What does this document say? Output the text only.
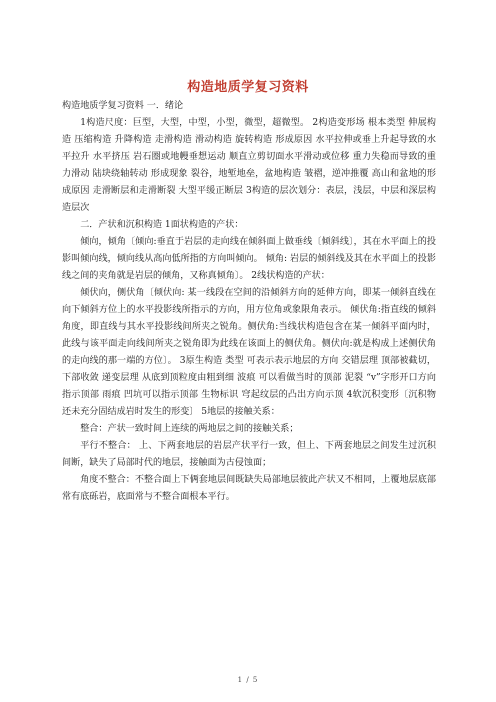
构造地质学复习资料

构造地质学复习资料 一．绪论

1构造尺度：巨型，大型，中型，小型，微型，超微型。 2构造变形场 根本类型 伸展构造 压缩构造 升降构造 走滑构造 滑动构造 旋转构造 形成原因 水平拉伸或垂上升起导致的水平拉升 水平挤压 岩石圈或地幔垂想运动 顺直立剪切面水平滑动或位移 重力失稳而导致的重力滑动 陆块绕轴转动 形成现象 裂谷，地堑地垒，盆地构造 皱褶，逆冲推覆 高山和盆地的形成原因 走滑断层和走滑断裂 大型平缓正断层 3构造的层次划分：表层，浅层，中层和深层构造层次

二．产状和沉积构造 1面状构造的产状：

倾向，倾角〔倾向:垂直于岩层的走向线在倾斜面上做垂线〔倾斜线〕，其在水平面上的投影叫倾向线，倾向线从高向低所指的方向叫倾向。 倾角: 岩层的倾斜线及其在水平面上的投影线之间的夹角就是岩层的倾角，又称真倾角〕。 2线状构造的产状：

倾伏向，侧伏角〔倾伏向: 某一线段在空间的沿倾斜方向的延伸方向，即某一倾斜直线在向下倾斜方位上的水平投影线所指示的方向，用方位角或象限角表示。 倾伏角:指直线的倾斜角度，即直线与其水平投影线间所夹之锐角。侧伏角:当线状构造包含在某一倾斜平面内时，此线与该平面走向线间所夹之锐角即为此线在该面上的侧伏角。侧伏向:就是构成上述侧伏角的走向线的那一端的方位〕。 3原生构造 类型 可表示表示地层的方向 交错层理 顶部被截切，下部收敛 递变层理 从底到顶粒度由粗到细 波痕 可以看做当时的顶部 泥裂 “v”字形开口方向指示顶部 雨痕 凹坑可以指示顶部 生物标识 穹起纹层的凸出方向示顶 4软沉积变形〔沉积物还未充分固结成岩时发生的形变〕 5地层的接触关系：

整合：产状一致时间上连续的两地层之间的接触关系；

平行不整合： 上、下两套地层的岩层产状平行一致，但上、下两套地层之间发生过沉积间断，缺失了局部时代的地层，接触面为古侵蚀面；

角度不整合：不整合面上下俩套地层间既缺失局部地层彼此产状又不相同，上覆地层底部常有底砾岩，底面常与不整合面根本平行。

1 / 5
